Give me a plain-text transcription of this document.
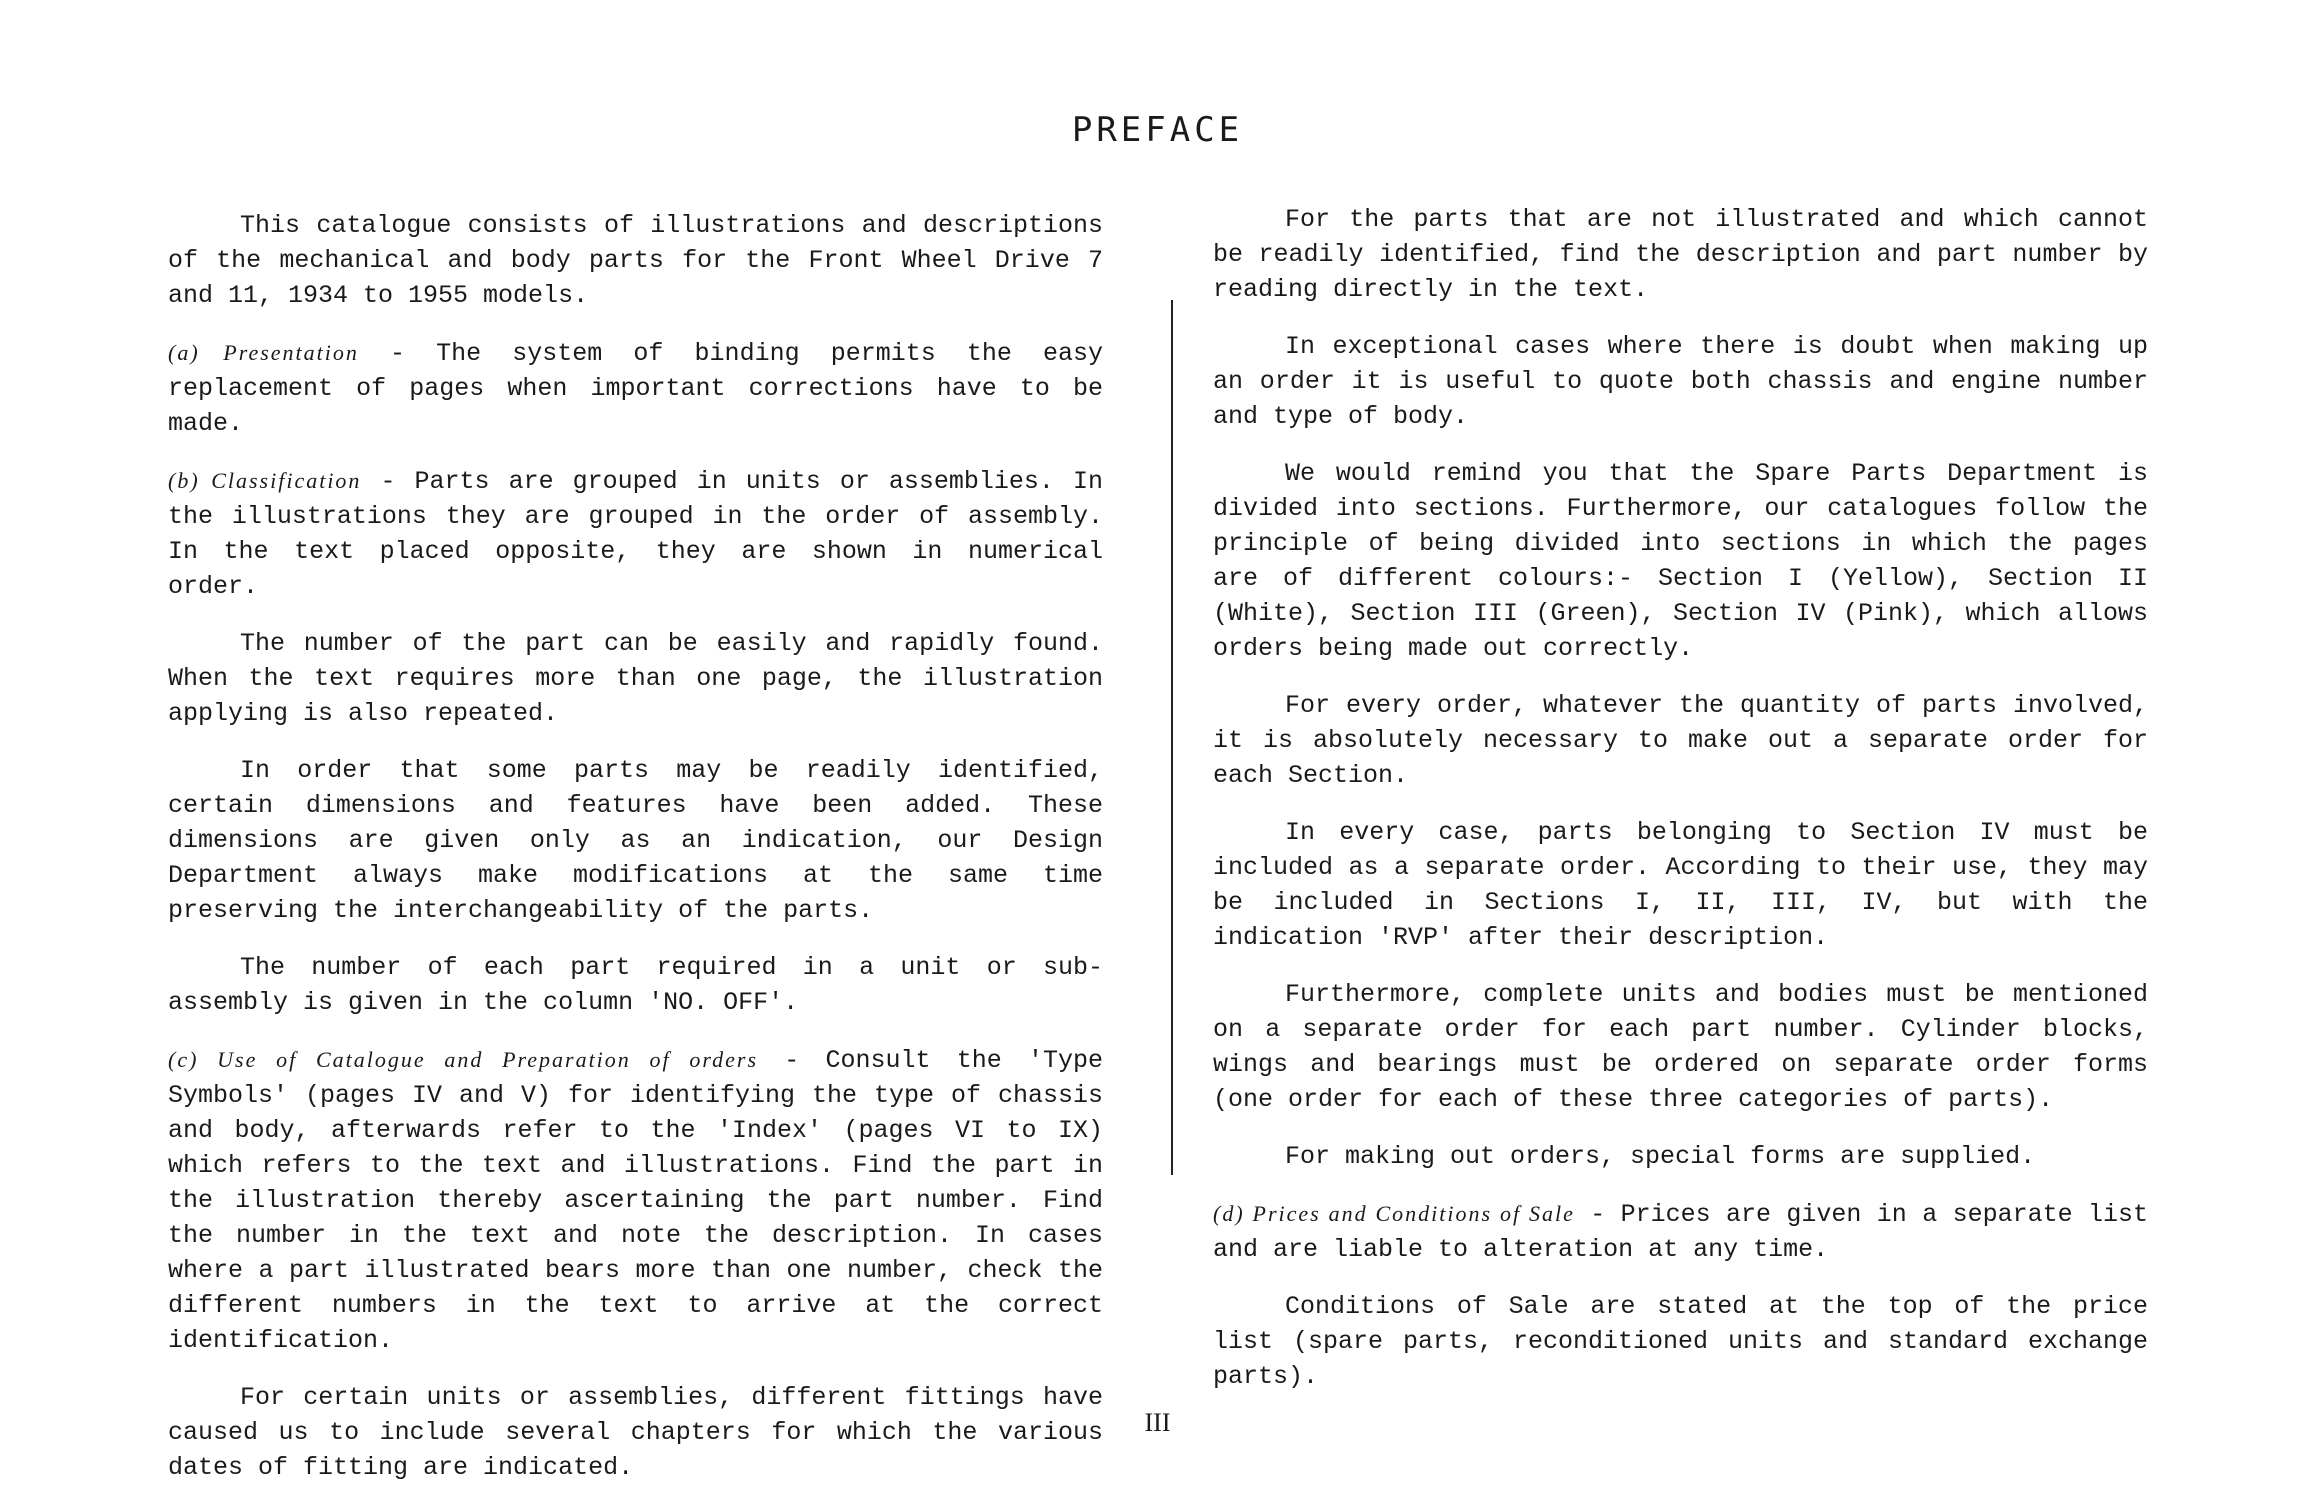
PREFACE

This catalogue consists of illustrations and descriptions of the mechanical and body parts for the Front Wheel Drive 7 and 11, 1934 to 1955 models.

(a) Presentation - The system of binding permits the easy replacement of pages when important corrections have to be made.

(b) Classification - Parts are grouped in units or assemblies. In the illustrations they are grouped in the order of assembly. In the text placed opposite, they are shown in numerical order.

The number of the part can be easily and rapidly found. When the text requires more than one page, the illustration applying is also repeated.

In order that some parts may be readily identified, certain dimensions and features have been added. These dimensions are given only as an indication, our Design Department always make modifications at the same time preserving the interchangeability of the parts.

The number of each part required in a unit or sub-assembly is given in the column 'NO. OFF'.

(c) Use of Catalogue and Preparation of orders - Consult the 'Type Symbols' (pages IV and V) for identifying the type of chassis and body, afterwards refer to the 'Index' (pages VI to IX) which refers to the text and illustrations. Find the part in the illustration thereby ascertaining the part number. Find the number in the text and note the description. In cases where a part illustrated bears more than one number, check the different numbers in the text to arrive at the correct identification.

For certain units or assemblies, different fittings have caused us to include several chapters for which the various dates of fitting are indicated.

For the parts that are not illustrated and which cannot be readily identified, find the description and part number by reading directly in the text.

In exceptional cases where there is doubt when making up an order it is useful to quote both chassis and engine number and type of body.

We would remind you that the Spare Parts Department is divided into sections. Furthermore, our catalogues follow the principle of being divided into sections in which the pages are of different colours:- Section I (Yellow), Section II (White), Section III (Green), Section IV (Pink), which allows orders being made out correctly.

For every order, whatever the quantity of parts involved, it is absolutely necessary to make out a separate order for each Section.

In every case, parts belonging to Section IV must be included as a separate order. According to their use, they may be included in Sections I, II, III, IV, but with the indication 'RVP' after their description.

Furthermore, complete units and bodies must be mentioned on a separate order for each part number. Cylinder blocks, wings and bearings must be ordered on separate order forms (one order for each of these three categories of parts).

For making out orders, special forms are supplied.

(d) Prices and Conditions of Sale - Prices are given in a separate list and are liable to alteration at any time.

Conditions of Sale are stated at the top of the price list (spare parts, reconditioned units and standard exchange parts).

III
